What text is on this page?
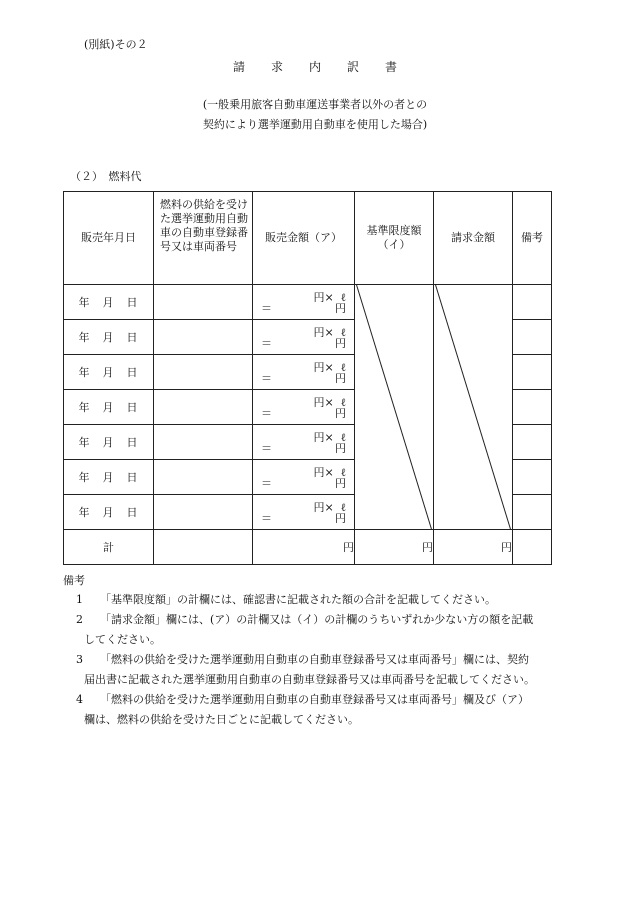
(別紙)その２
請求内訳書
(一般乗用旅客自動車運送事業者以外の者との
契約により選挙運動用自動車を使用した場合)
（２）　燃料代
販売年月日	燃料の供給を受けた選挙運動用自動車の自動車登録番号又は車両番号	販売金額（ア）	基準限度額（イ）	請求金額	備考
年 月 日		円× ℓ
＝ 円

年 月 日		円× ℓ
＝ 円			

年 月 日		円× ℓ
＝ 円			

年 月 日		円× ℓ
＝ 円			

年 月 日		円× ℓ
＝ 円			

年 月 日		円× ℓ
＝ 円			

年 月 日		円× ℓ
＝ 円			

計		円	円	円	
備考
1 「基準限度額」の計欄には、確認書に記載された額の合計を記載してください。
2 「請求金額」欄には、(ア）の計欄又は（イ）の計欄のうちいずれか少ない方の額を記載
してください。
3 「燃料の供給を受けた選挙運動用自動車の自動車登録番号又は車両番号」欄には、契約
届出書に記載された選挙運動用自動車の自動車登録番号又は車両番号を記載してください。
4 「燃料の供給を受けた選挙運動用自動車の自動車登録番号又は車両番号」欄及び（ア）
欄は、燃料の供給を受けた日ごとに記載してください。
